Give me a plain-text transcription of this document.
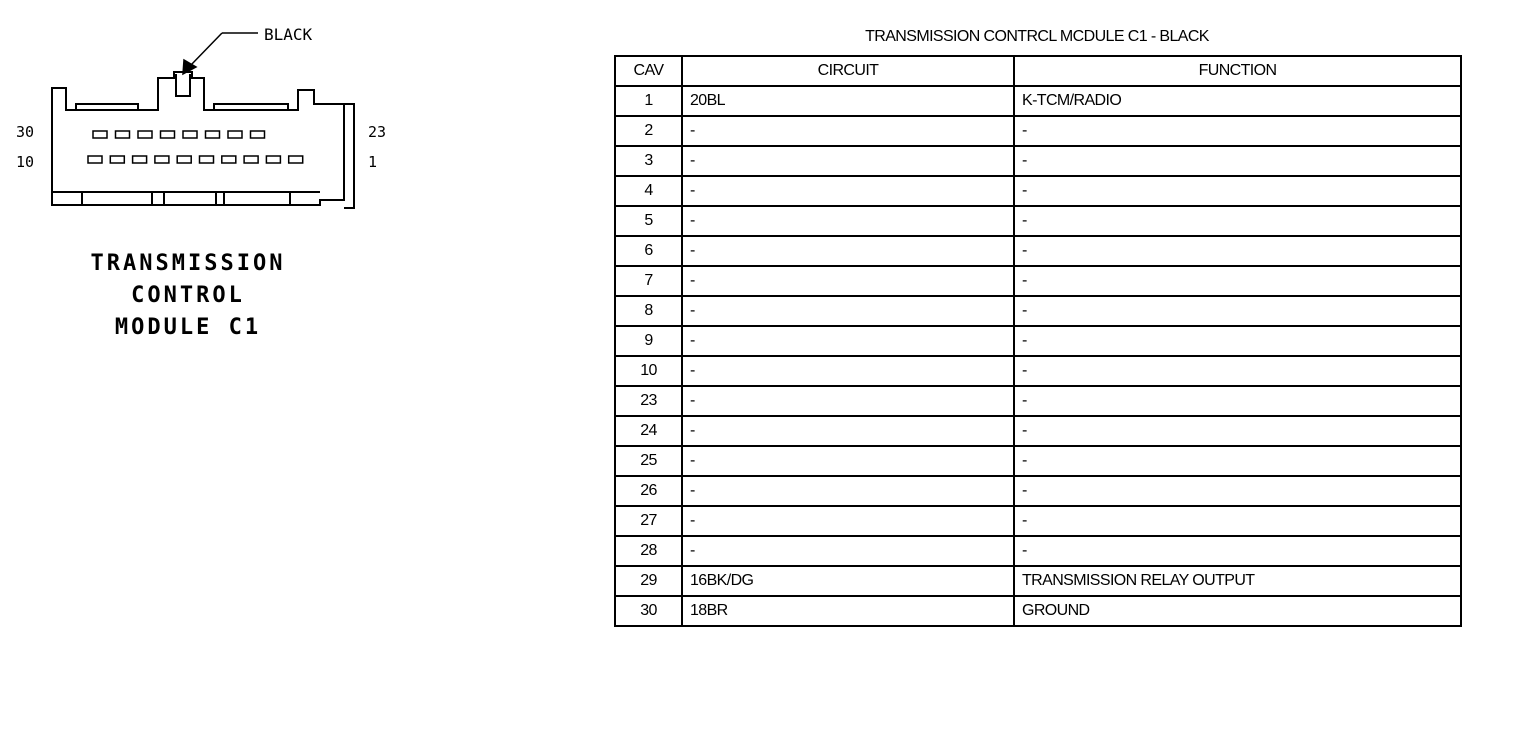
BLACK
30
10
23
1
TRANSMISSION
CONTROL
MODULE C1
TRANSMISSION CONTRCL MCDULE C1 - BLACK
CAV	CIRCUIT	FUNCTION
1	20BL	K-TCM/RADIO
2	-	-
3	-	-
4	-	-
5	-	-
6	-	-
7	-	-
8	-	-
9	-	-
10	-	-
23	-	-
24	-	-
25	-	-
26	-	-
27	-	-
28	-	-
29	16BK/DG	TRANSMISSION RELAY OUTPUT
30	18BR	GROUND
